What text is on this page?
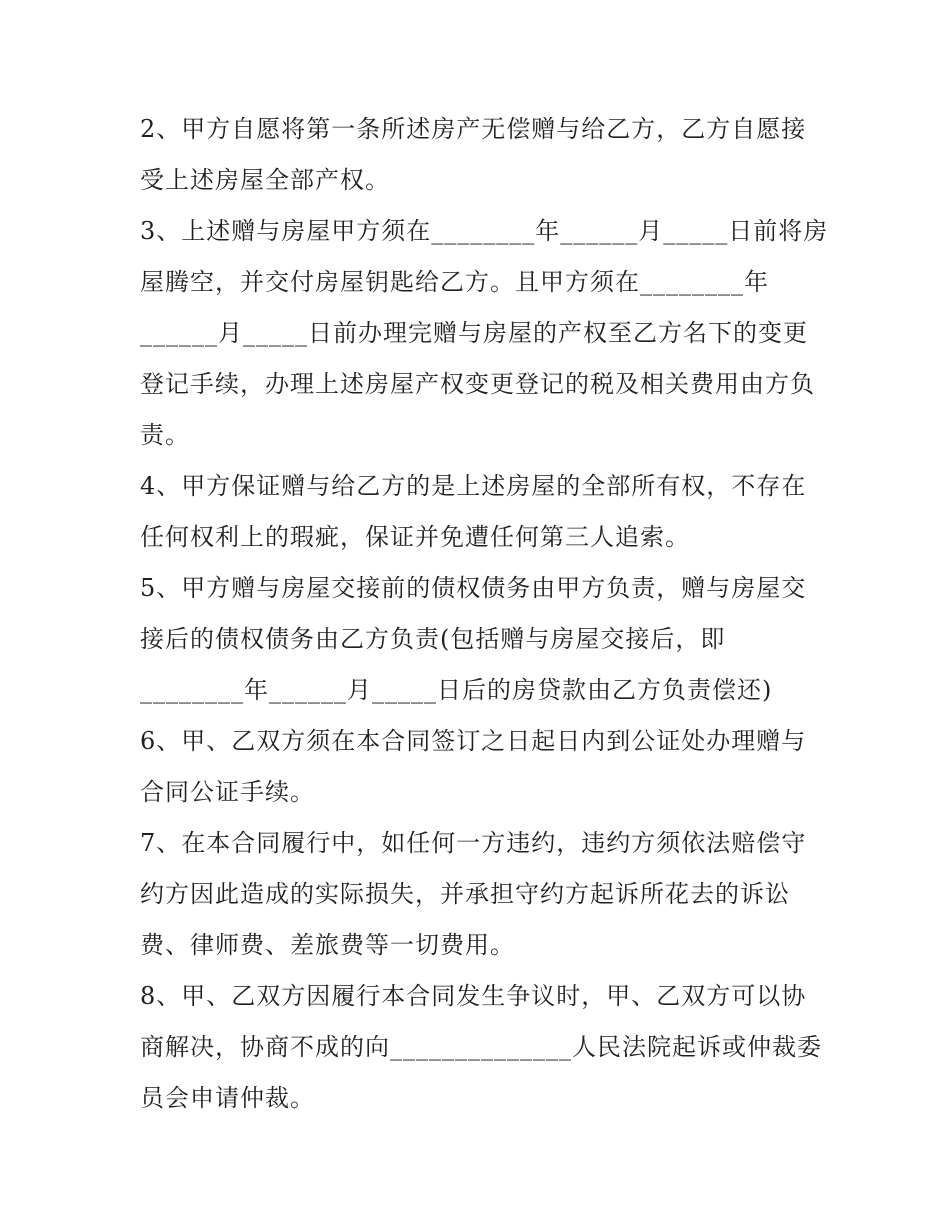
2、甲方自愿将第一条所述房产无偿赠与给乙方，乙方自愿接
受上述房屋全部产权。
3、上述赠与房屋甲方须在________年______月_____日前将房
屋腾空，并交付房屋钥匙给乙方。且甲方须在________年
______月_____日前办理完赠与房屋的产权至乙方名下的变更
登记手续，办理上述房屋产权变更登记的税及相关费用由方负
责。
4、甲方保证赠与给乙方的是上述房屋的全部所有权，不存在
任何权利上的瑕疵，保证并免遭任何第三人追索。
5、甲方赠与房屋交接前的债权债务由甲方负责，赠与房屋交
接后的债权债务由乙方负责(包括赠与房屋交接后，即
________年______月_____日后的房贷款由乙方负责偿还)
6、甲、乙双方须在本合同签订之日起日内到公证处办理赠与
合同公证手续。
7、在本合同履行中，如任何一方违约，违约方须依法赔偿守
约方因此造成的实际损失，并承担守约方起诉所花去的诉讼
费、律师费、差旅费等一切费用。
8、甲、乙双方因履行本合同发生争议时，甲、乙双方可以协
商解决，协商不成的向______________人民法院起诉或仲裁委
员会申请仲裁。
